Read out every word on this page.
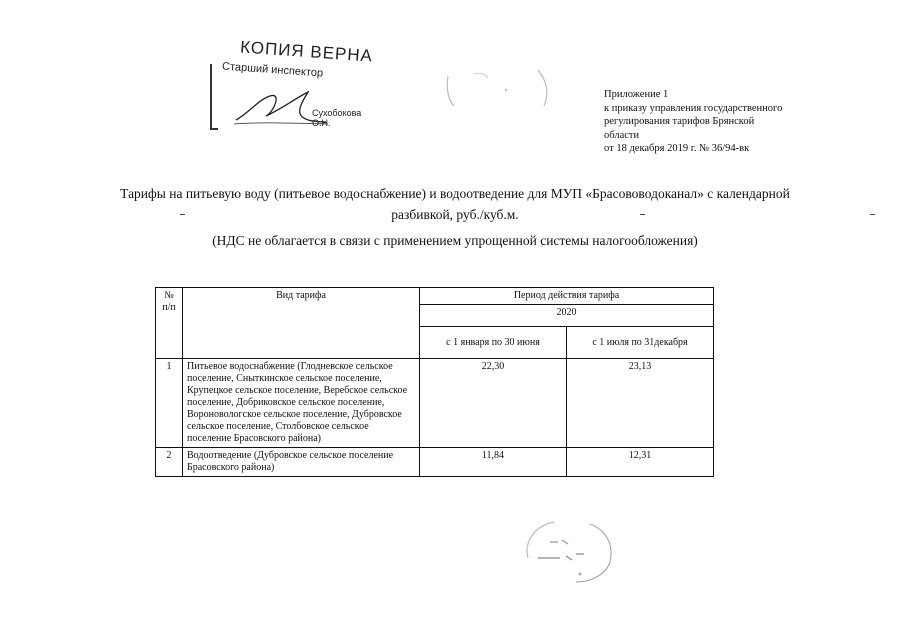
КОПИЯ ВЕРНА
Старший инспектор
Сухобокова О.Н.
Приложение 1
к приказу управления государственного
регулирования тарифов Брянской
области
от 18 декабря 2019 г. № 36/94-вк
Тарифы на питьевую воду (питьевое водоснабжение) и водоотведение для МУП «Брасововодоканал» с календарной
разбивкой, руб./куб.м.
(НДС не облагается в связи с применением упрощенной системы налогообложения)
№ п/п	Вид тарифа	Период действия тарифа	
		2020	
		с 1 января по 30 июня	с 1 июля по 31декабря
1	Питьевое водоснабжение (Глодневское сельское поселение, Сныткинское сельское поселение, Крупецкое сельское поселение, Веребское сельское поселение, Добриковское сельское поселение, Вороновологское сельское поселение, Дубровское сельское поселение, Столбовское сельское поселение Брасовского района)	22,30	23,13
2	Водоотведение (Дубровское сельское поселение Брасовского района)	11,84	12,31
